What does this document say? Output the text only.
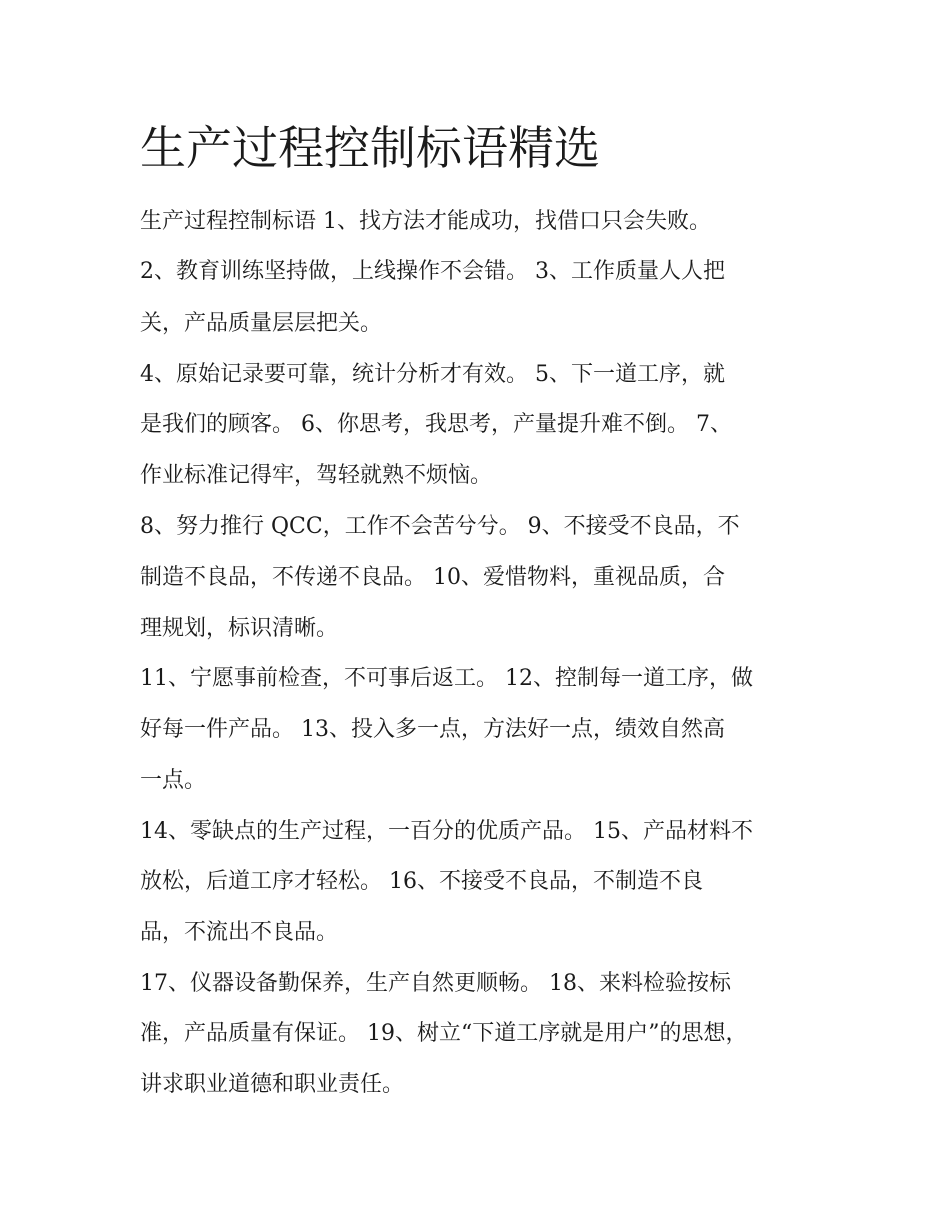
生产过程控制标语精选

生产过程控制标语 1、找方法才能成功，找借口只会失败。

2、教育训练坚持做，上线操作不会错。 3、工作质量人人把

关，产品质量层层把关。

4、原始记录要可靠，统计分析才有效。 5、下一道工序，就

是我们的顾客。 6、你思考，我思考，产量提升难不倒。 7、

作业标准记得牢，驾轻就熟不烦恼。

8、努力推行 QCC，工作不会苦兮兮。 9、不接受不良品，不

制造不良品，不传递不良品。 10、爱惜物料，重视品质，合

理规划，标识清晰。

11、宁愿事前检查，不可事后返工。 12、控制每一道工序，做

好每一件产品。 13、投入多一点，方法好一点，绩效自然高

一点。

14、零缺点的生产过程，一百分的优质产品。 15、产品材料不

放松，后道工序才轻松。 16、不接受不良品，不制造不良

品，不流出不良品。

17、仪器设备勤保养，生产自然更顺畅。 18、来料检验按标

准，产品质量有保证。 19、树立“下道工序就是用户”的思想，

讲求职业道德和职业责任。
